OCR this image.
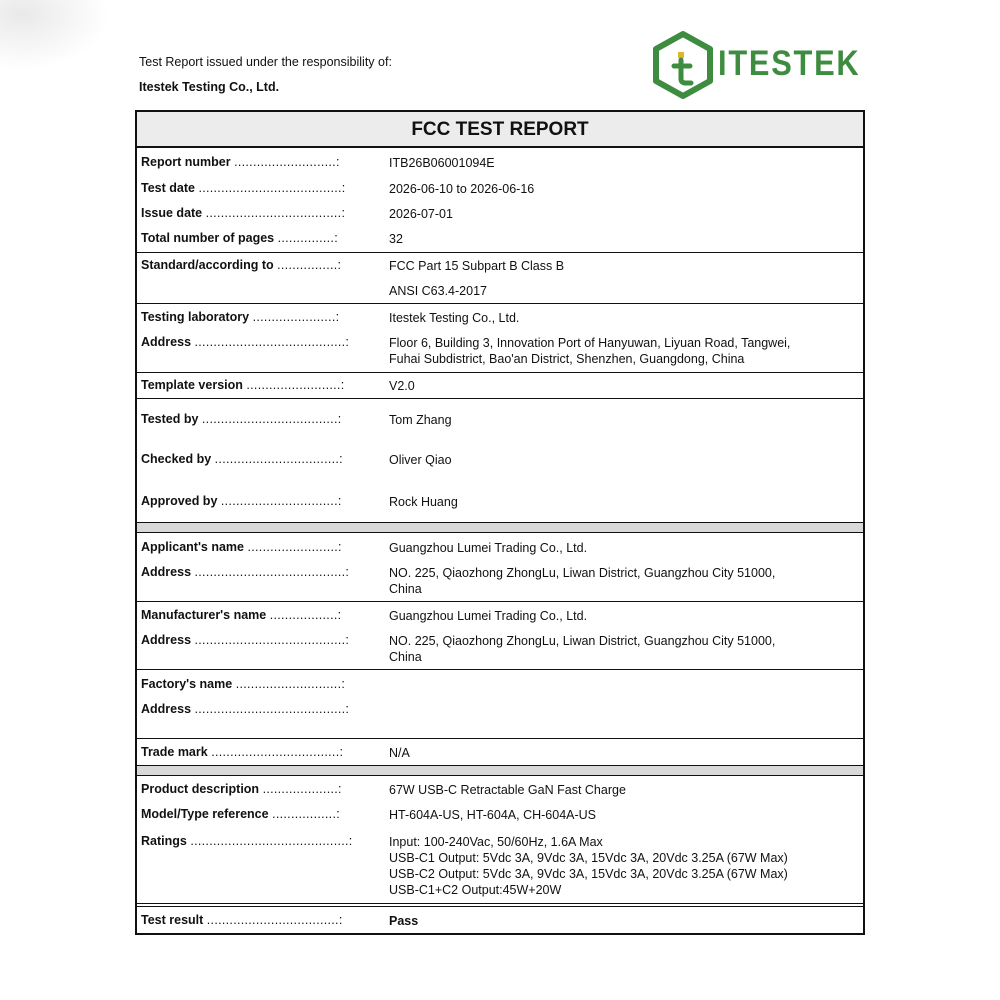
Test Report issued under the responsibility of:
Itestek Testing Co., Ltd.
ITESTEK
FCC TEST REPORT
Report number ...........................:	ITB26B06001094E
Test date ......................................:	2026-06-10 to 2026-06-16
Issue date ....................................:	2026-07-01
Total number of pages ...............:	32
Standard/according to ................:	FCC Part 15 Subpart B Class B
ANSI C63.4-2017
Testing laboratory ......................:	Itestek Testing Co., Ltd.
Address ........................................:	Floor 6, Building 3, Innovation Port of Hanyuwan, Liyuan Road, Tangwei,
Fuhai Subdistrict, Bao'an District, Shenzhen, Guangdong, China
Template version .........................:	V2.0
Tested by ....................................:	Tom Zhang
Checked by .................................:	Oliver Qiao
Approved by ...............................:	Rock Huang
Applicant's name ........................:	Guangzhou Lumei Trading Co., Ltd.
Address ........................................:	NO. 225, Qiaozhong ZhongLu, Liwan District, Guangzhou City 51000,
China
Manufacturer's name ..................:	Guangzhou Lumei Trading Co., Ltd.
Address ........................................:	NO. 225, Qiaozhong ZhongLu, Liwan District, Guangzhou City 51000,
China
Factory's name ............................:
Address ........................................:
Trade mark ..................................:	N/A
Product description ....................:	67W USB-C Retractable GaN Fast Charge
Model/Type reference .................:	HT-604A-US, HT-604A, CH-604A-US
Ratings ..........................................:	Input: 100-240Vac, 50/60Hz, 1.6A Max
USB-C1 Output: 5Vdc 3A, 9Vdc 3A, 15Vdc 3A, 20Vdc 3.25A (67W Max)
USB-C2 Output: 5Vdc 3A, 9Vdc 3A, 15Vdc 3A, 20Vdc 3.25A (67W Max)
USB-C1+C2 Output:45W+20W
Test result ...................................:	Pass
